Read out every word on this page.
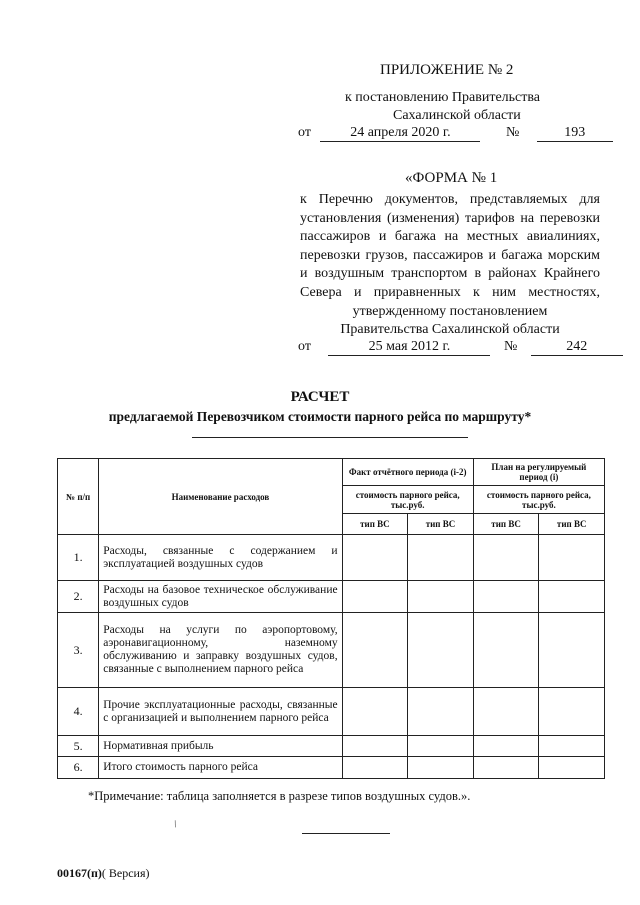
ПРИЛОЖЕНИЕ № 2
к постановлению Правительства
Сахалинской области
от	24 апреля 2020 г.	№	193
«ФОРМА № 1
к Перечню документов, представляемых для установления (изменения) тарифов на перевозки пассажиров и багажа на местных авиалиниях, перевозки грузов, пассажиров и багажа морским и воздушным транспортом в районах Крайнего Севера и приравненных к ним местностях, утвержденному постановлением
Правительства Сахалинской области
от	25 мая 2012 г.	№	242
РАСЧЕТ
предлагаемой Перевозчиком стоимости парного рейса по маршруту*
№ п/п	Наименование расходов	Факт отчётного периода (i-2)		План на регулируемый период (i)	
		стоимость парного рейса, тыс.руб.		стоимость парного рейса, тыс.руб.	
		тип ВС	тип ВС	тип ВС	тип ВС
1.	Расходы, связанные с содержанием и эксплуатацией воздушных судов				
2.	Расходы на базовое техническое обслуживание воздушных судов				
3.	Расходы на услуги по аэропортовому, аэронавигационному, наземному обслуживанию и заправку воздушных судов, связанные с выполнением парного рейса				
4.	Прочие эксплуатационные расходы, связанные с организацией и выполнением парного рейса				
5.	Нормативная прибыль				
6.	Итого стоимость парного рейса				
*Примечание: таблица заполняется в разрезе типов воздушных судов.».
/
00167(п)( Версия)
